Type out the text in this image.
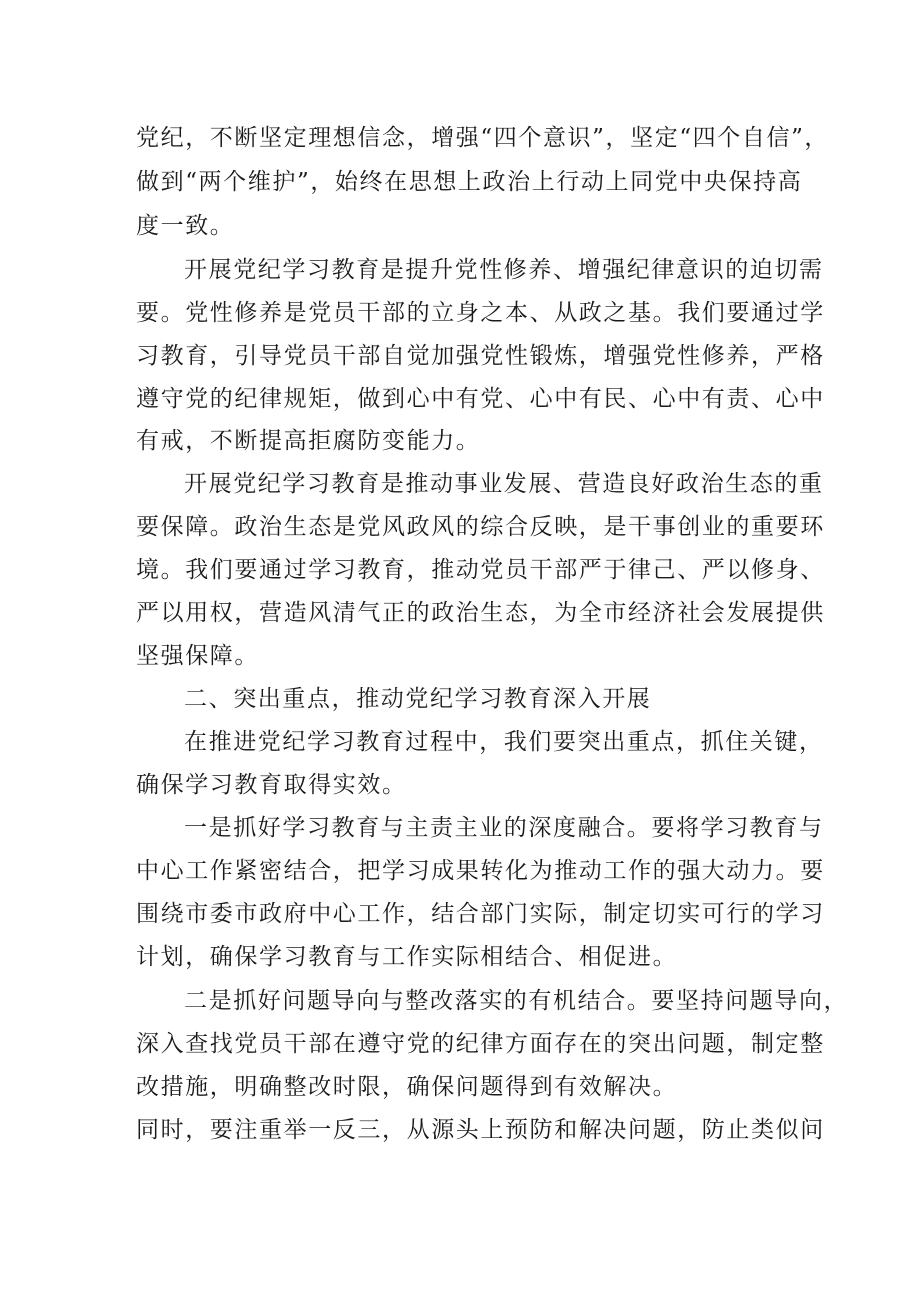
党纪，不断坚定理想信念，增强“四个意识”，坚定“四个自信”，
做到“两个维护”，始终在思想上政治上行动上同党中央保持高
度一致。
开展党纪学习教育是提升党性修养、增强纪律意识的迫切需
要。党性修养是党员干部的立身之本、从政之基。我们要通过学
习教育，引导党员干部自觉加强党性锻炼，增强党性修养，严格
遵守党的纪律规矩，做到心中有党、心中有民、心中有责、心中
有戒，不断提高拒腐防变能力。
开展党纪学习教育是推动事业发展、营造良好政治生态的重
要保障。政治生态是党风政风的综合反映，是干事创业的重要环
境。我们要通过学习教育，推动党员干部严于律己、严以修身、
严以用权，营造风清气正的政治生态，为全市经济社会发展提供
坚强保障。
二、突出重点，推动党纪学习教育深入开展
在推进党纪学习教育过程中，我们要突出重点，抓住关键，
确保学习教育取得实效。
一是抓好学习教育与主责主业的深度融合。要将学习教育与
中心工作紧密结合，把学习成果转化为推动工作的强大动力。要
围绕市委市政府中心工作，结合部门实际，制定切实可行的学习
计划，确保学习教育与工作实际相结合、相促进。
二是抓好问题导向与整改落实的有机结合。要坚持问题导向，
深入查找党员干部在遵守党的纪律方面存在的突出问题，制定整
改措施，明确整改时限，确保问题得到有效解决。
同时，要注重举一反三，从源头上预防和解决问题，防止类似问
